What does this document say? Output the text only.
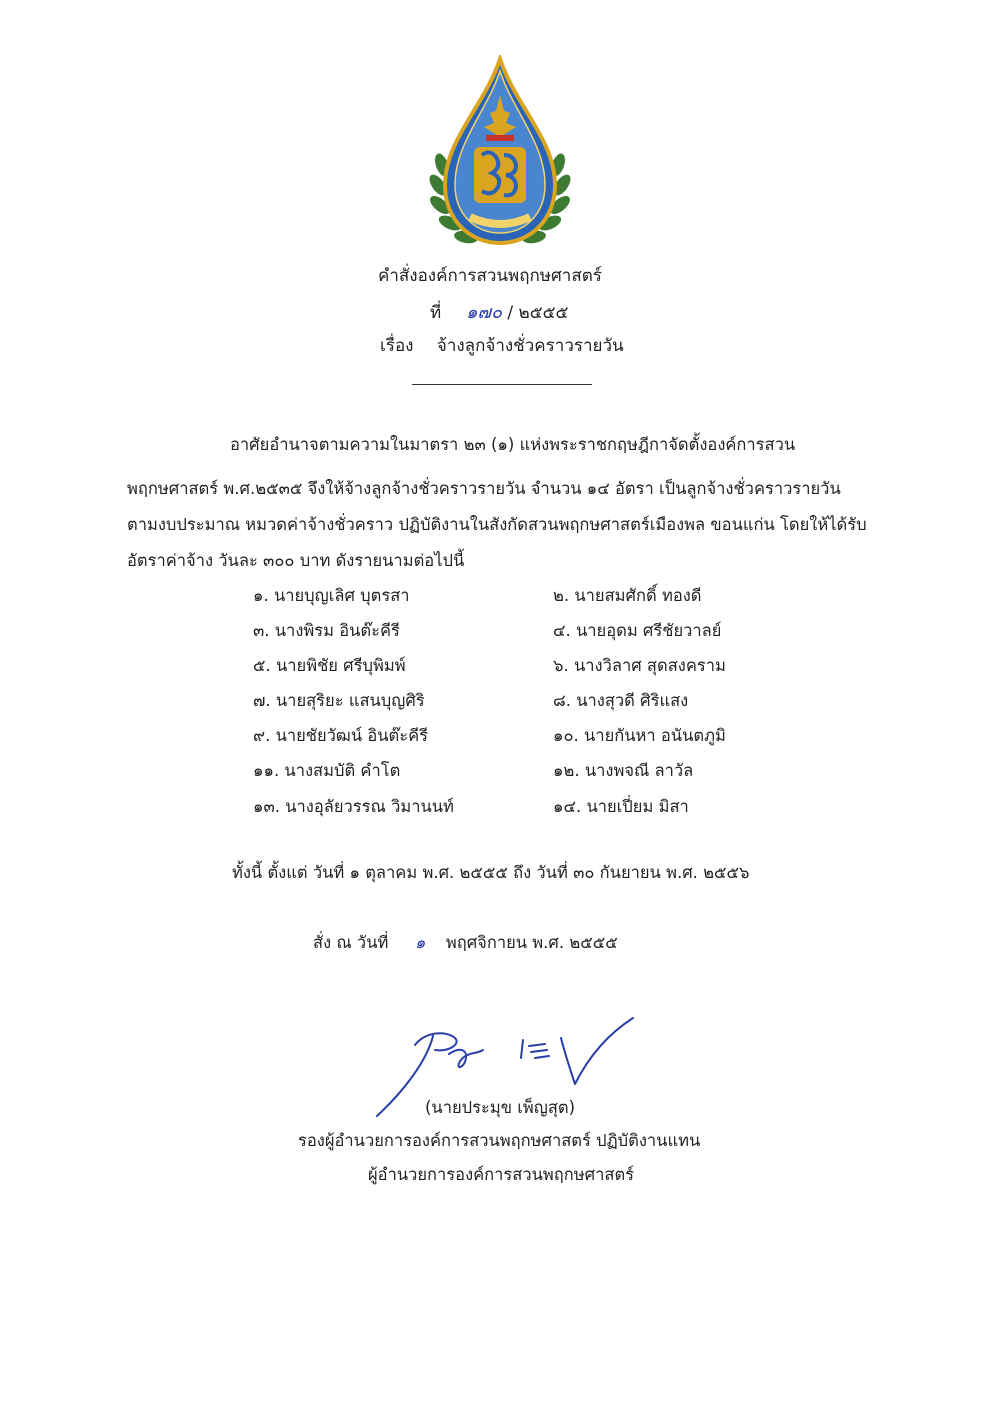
คำสั่งองค์การสวนพฤกษศาสตร์
ที่ ๑๗๐ / ๒๕๕๕
เรื่อง จ้างลูกจ้างชั่วคราวรายวัน
อาศัยอำนาจตามความในมาตรา ๒๓ (๑) แห่งพระราชกฤษฎีกาจัดตั้งองค์การสวน
พฤกษศาสตร์ พ.ศ.๒๕๓๕ จึงให้จ้างลูกจ้างชั่วคราวรายวัน จำนวน ๑๔ อัตรา เป็นลูกจ้างชั่วคราวรายวัน
ตามงบประมาณ หมวดค่าจ้างชั่วคราว ปฏิบัติงานในสังกัดสวนพฤกษศาสตร์เมืองพล ขอนแก่น โดยให้ได้รับ
อัตราค่าจ้าง วันละ ๓๐๐ บาท ดังรายนามต่อไปนี้
๑. นายบุญเลิศ บุตรสา	๒. นายสมศักดิ์ ทองดี
๓. นางพิรม อินต๊ะคีรี	๔. นายอุดม ศรีชัยวาลย์
๕. นายพิชัย ศรีบุพิมพ์	๖. นางวิลาศ สุดสงคราม
๗. นายสุริยะ แสนบุญศิริ	๘. นางสุวดี ศิริแสง
๙. นายชัยวัฒน์ อินต๊ะคีรี	๑๐. นายกันหา อนันตภูมิ
๑๑. นางสมบัติ คำโต	๑๒. นางพจณี ลาวัล
๑๓. นางอุลัยวรรณ วิมานนท์	๑๔. นายเปี่ยม มิสา
ทั้งนี้ ตั้งแต่ วันที่ ๑ ตุลาคม พ.ศ. ๒๕๕๕ ถึง วันที่ ๓๐ กันยายน พ.ศ. ๒๕๕๖
สั่ง ณ วันที่ ๑ พฤศจิกายน พ.ศ. ๒๕๕๕
(นายประมุข เพ็ญสุต)
รองผู้อำนวยการองค์การสวนพฤกษศาสตร์ ปฏิบัติงานแทน
ผู้อำนวยการองค์การสวนพฤกษศาสตร์
